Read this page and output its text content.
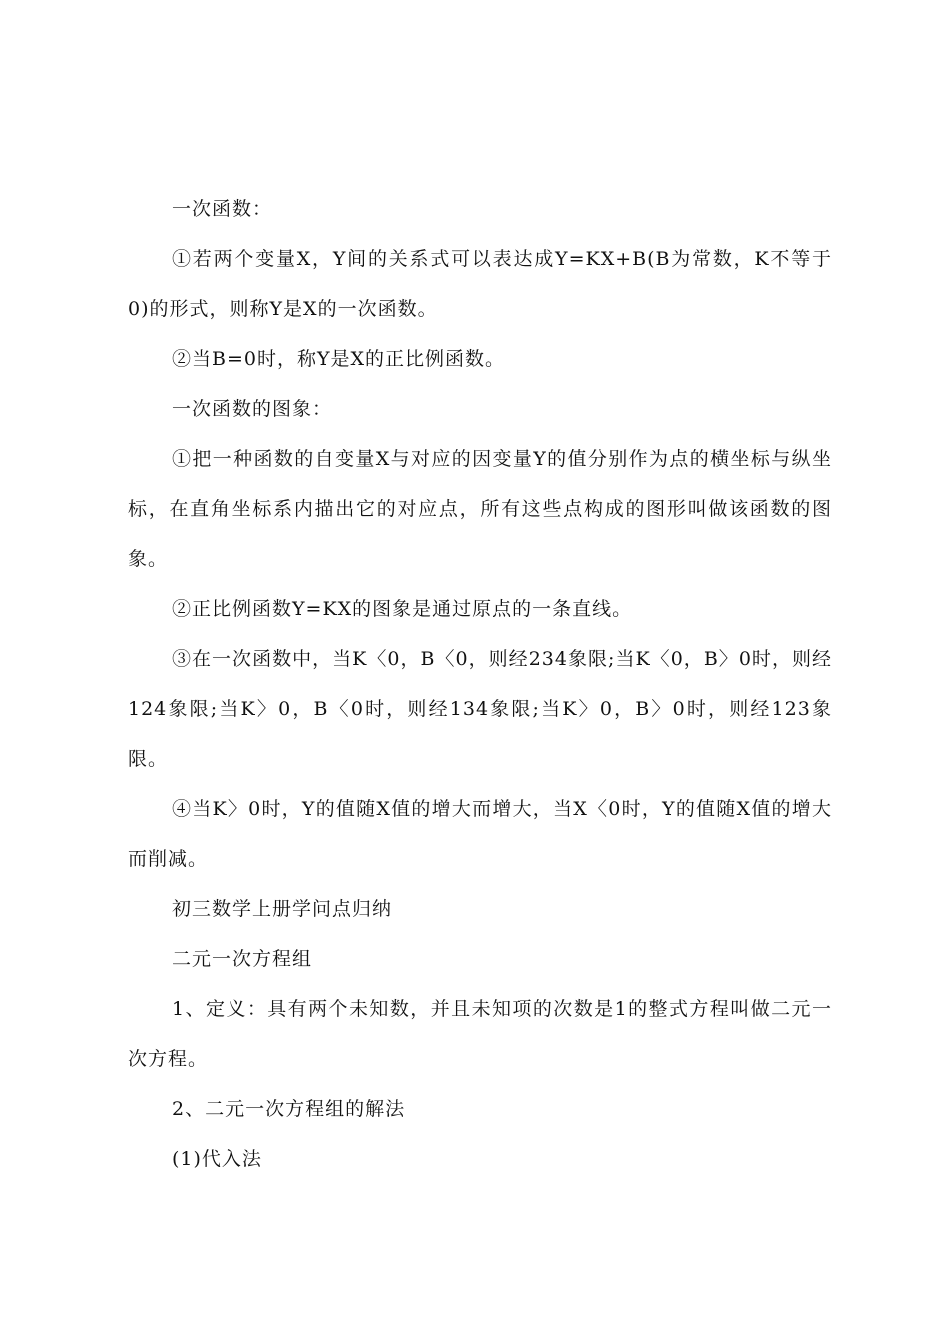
一次函数：

①若两个变量X，Y间的关系式可以表达成Y=KX+B(B为常数，K不等于0)的形式，则称Y是X的一次函数。

②当B=0时，称Y是X的正比例函数。

一次函数的图象：

①把一种函数的自变量X与对应的因变量Y的值分别作为点的横坐标与纵坐标，在直角坐标系内描出它的对应点，所有这些点构成的图形叫做该函数的图象。

②正比例函数Y=KX的图象是通过原点的一条直线。

③在一次函数中，当K〈0，B〈0，则经234象限;当K〈0，B〉0时，则经124象限;当K〉0，B〈0时，则经134象限;当K〉0，B〉0时，则经123象限。

④当K〉0时，Y的值随X值的增大而增大，当X〈0时，Y的值随X值的增大而削减。

初三数学上册学问点归纳

二元一次方程组

1、定义：具有两个未知数，并且未知项的次数是1的整式方程叫做二元一次方程。

2、二元一次方程组的解法

(1)代入法
